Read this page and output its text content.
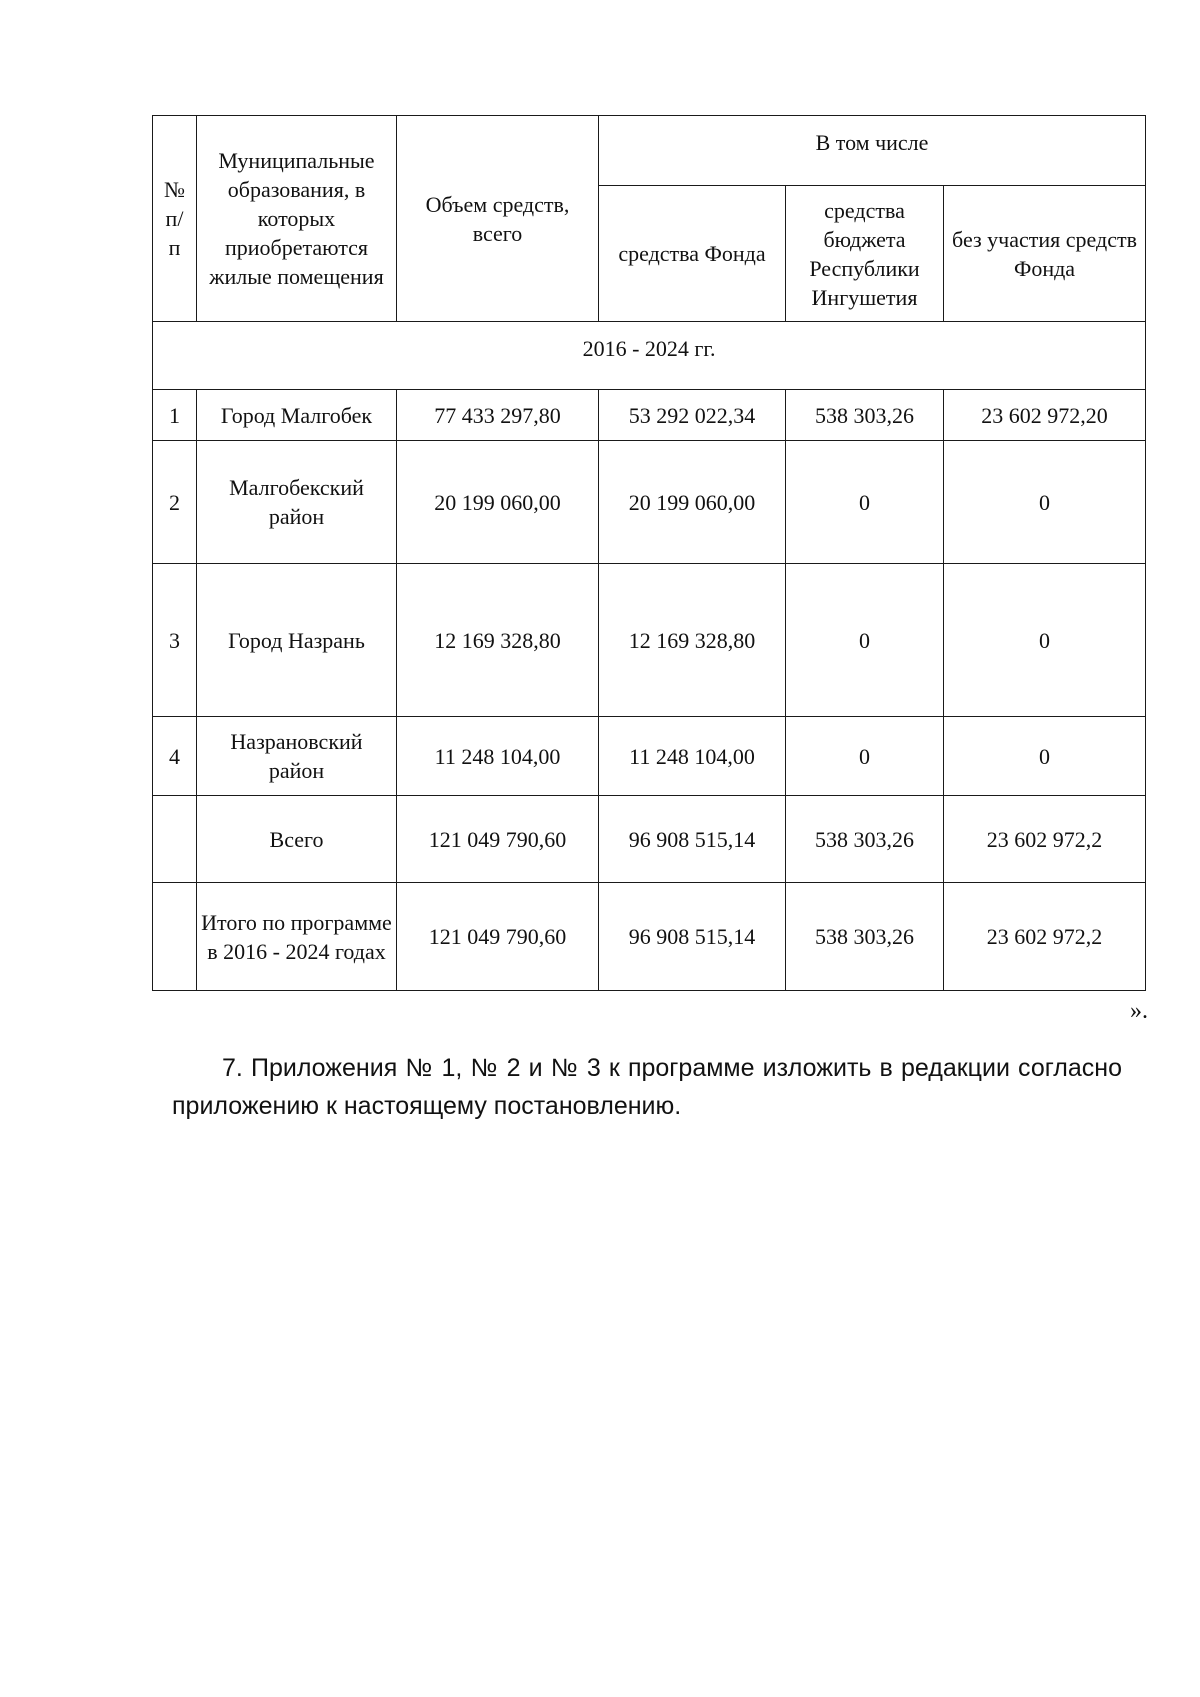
№ п/ п	Муниципальные образования, в которых приобретаются жилые помещения	Объем средств, всего	В том числе		
			средства Фонда	средства бюджета Республики Ингушетия	без участия средств Фонда
2016 - 2024 гг.					
1	Город Малгобек	77 433 297,80	53 292 022,34	538 303,26	23 602 972,20
2	Малгобекский район	20 199 060,00	20 199 060,00	0	0
3	Город Назрань	12 169 328,80	12 169 328,80	0	0
4	Назрановский район	11 248 104,00	11 248 104,00	0	0
	Всего	121 049 790,60	96 908 515,14	538 303,26	23 602 972,2
	Итого по программе в 2016 - 2024 годах	121 049 790,60	96 908 515,14	538 303,26	23 602 972,2
».

7. Приложения № 1, № 2 и № 3 к программе изложить в редакции согласно приложению к настоящему постановлению.
